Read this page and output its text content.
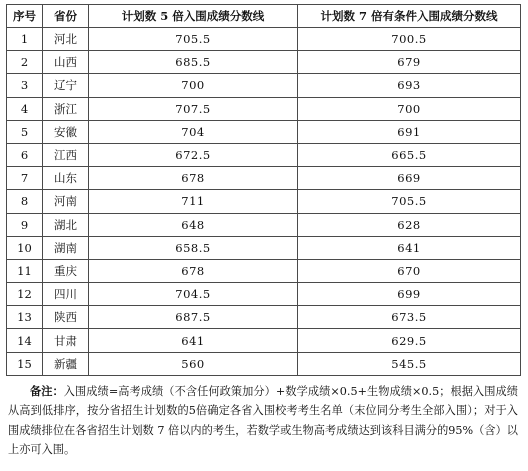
序号	省份	计划数 5 倍入围成绩分数线	计划数 7 倍有条件入围成绩分数线
1	河北	705.5	700.5
2	山西	685.5	679
3	辽宁	700	693
4	浙江	707.5	700
5	安徽	704	691
6	江西	672.5	665.5
7	山东	678	669
8	河南	711	705.5
9	湖北	648	628
10	湖南	658.5	641
11	重庆	678	670
12	四川	704.5	699
13	陕西	687.5	673.5
14	甘肃	641	629.5
15	新疆	560	545.5

备注：入围成绩=高考成绩（不含任何政策加分）+数学成绩×0.5+生物成绩×0.5；根据入围成绩从高到低排序，按分省招生计划数的5倍确定各省入围校考考生名单（末位同分考生全部入围）；对于入围成绩排位在各省招生计划数 7 倍以内的考生，若数学或生物高考成绩达到该科目满分的95%（含）以上亦可入围。
